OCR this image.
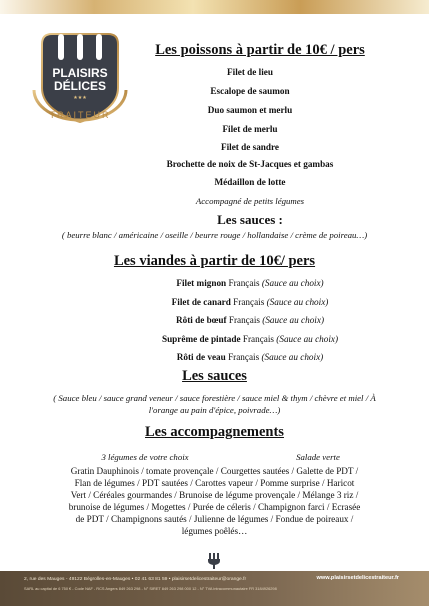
PLAISIRS
DÉLICES
★★★
TRAITEUR
Les poissons à partir de 10€ / pers
Filet de lieu
Escalope de saumon
Duo saumon et merlu
Filet de merlu
Filet de sandre
Brochette de noix de St-Jacques et gambas
Médaillon de lotte
Accompagné de petits légumes
Les sauces :
( beurre blanc / américaine / oseille / beurre rouge / hollandaise / crème de poireau…)
Les viandes à partir de 10€/ pers
Filet mignon Français (Sauce au choix)
Filet de canard Français (Sauce au choix)
Rôti de bœuf Français (Sauce au choix)
Suprême de pintade Français (Sauce au choix)
Rôti de veau Français (Sauce au choix)
Les sauces
( Sauce bleu / sauce grand veneur / sauce forestière / sauce miel & thym / chèvre et miel / À
l'orange au pain d'épice, poivrade…)
Les accompagnements
3 légumes de votre choix	Salade verte
Gratin Dauphinois / tomate provençale / Courgettes sautées / Galette de PDT /
Flan de légumes / PDT sautées / Carottes vapeur / Pomme surprise / Haricot
Vert / Céréales gourmandes / Brunoise de légume provençale / Mélange 3 riz /
brunoise de légumes / Mogettes / Purée de céleris / Champignon farci / Ecrasée
de PDT / Champignons sautés / Julienne de légumes / Fondue de poireaux /
légumes poêlés…
2, rue des Mauges - 49122 Bégrolles-en-Mauges • 02 41 63 81 59 • plaisirsetdelicestraiteur@orange.fr
SARL au capital de 6 750 € - Code NAF - RCS Angers 849 263 298 - N° SIRET 849 263 298 000 12 - N° TVA intracommunautaire FR 3184926298
www.plaisirsetdelicestraiteur.fr
